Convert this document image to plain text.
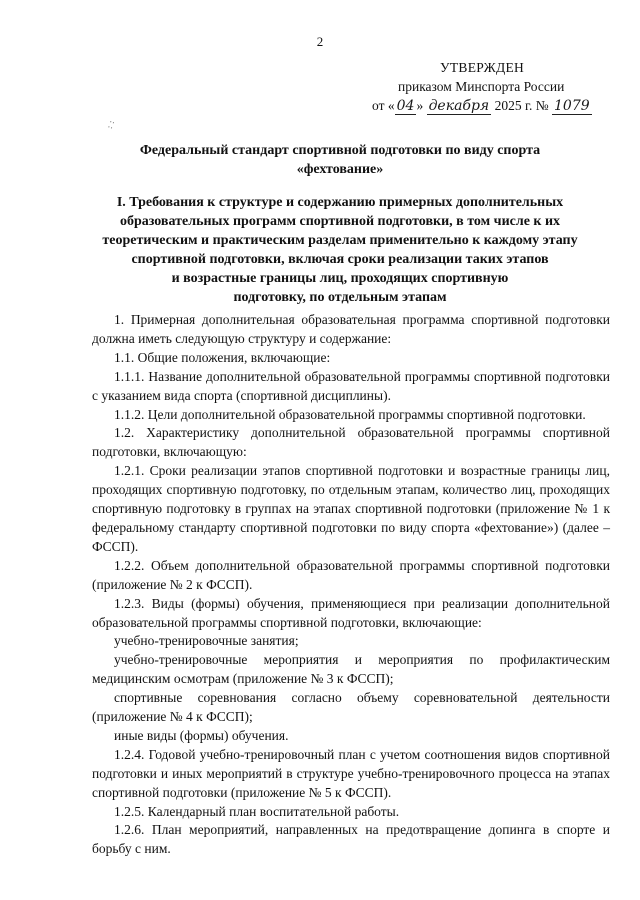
2
УТВЕРЖДЕН
приказом Минспорта России
от « 04 » декабря 2025 г. № 1079
⁚⁚
Федеральный стандарт спортивной подготовки по виду спорта
«фехтование»
I. Требования к структуре и содержанию примерных дополнительных
образовательных программ спортивной подготовки, в том числе к их
теоретическим и практическим разделам применительно к каждому этапу
спортивной подготовки, включая сроки реализации таких этапов
и возрастные границы лиц, проходящих спортивную
подготовку, по отдельным этапам

1. Примерная дополнительная образовательная программа спортивной подготовки должна иметь следующую структуру и содержание:

1.1. Общие положения, включающие:

1.1.1. Название дополнительной образовательной программы спортивной подготовки с указанием вида спорта (спортивной дисциплины).

1.1.2. Цели дополнительной образовательной программы спортивной подготовки.

1.2. Характеристику дополнительной образовательной программы спортивной подготовки, включающую:

1.2.1. Сроки реализации этапов спортивной подготовки и возрастные границы лиц, проходящих спортивную подготовку, по отдельным этапам, количество лиц, проходящих спортивную подготовку в группах на этапах спортивной подготовки (приложение № 1 к федеральному стандарту спортивной подготовки по виду спорта «фехтование») (далее – ФССП).

1.2.2. Объем дополнительной образовательной программы спортивной подготовки (приложение № 2 к ФССП).

1.2.3. Виды (формы) обучения, применяющиеся при реализации дополнительной образовательной программы спортивной подготовки, включающие:

учебно-тренировочные занятия;

учебно-тренировочные мероприятия и мероприятия по профилактическим медицинским осмотрам (приложение № 3 к ФССП);

спортивные соревнования согласно объему соревновательной деятельности (приложение № 4 к ФССП);

иные виды (формы) обучения.

1.2.4. Годовой учебно-тренировочный план с учетом соотношения видов спортивной подготовки и иных мероприятий в структуре учебно-тренировочного процесса на этапах спортивной подготовки (приложение № 5 к ФССП).

1.2.5. Календарный план воспитательной работы.

1.2.6. План мероприятий, направленных на предотвращение допинга в спорте и борьбу с ним.
